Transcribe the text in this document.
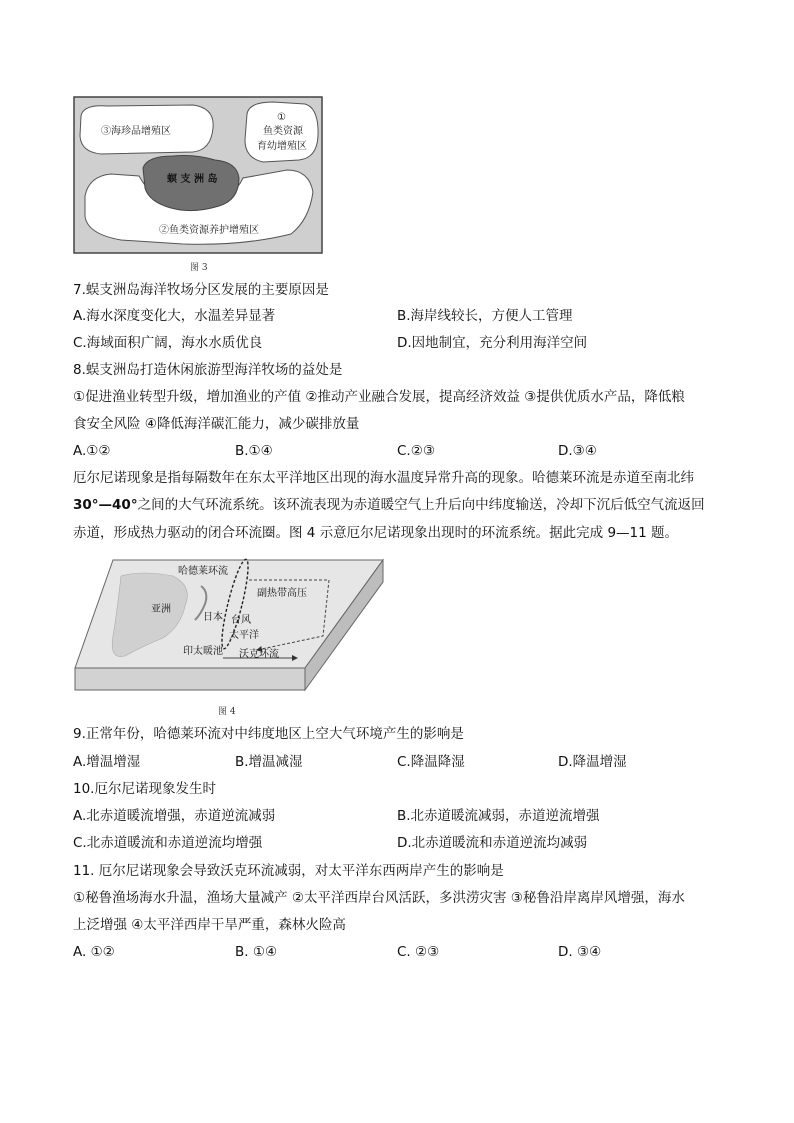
③海珍品增殖区
①
鱼类资源
育幼增殖区
螟 支 洲 岛
②鱼类资源养护增殖区
图 3
7.蜈支洲岛海洋牧场分区发展的主要原因是
A.海水深度变化大，水温差异显著	B.海岸线较长，方便人工管理
C.海域面积广阔，海水水质优良	D.因地制宜，充分利用海洋空间
8.蜈支洲岛打造休闲旅游型海洋牧场的益处是
①促进渔业转型升级，增加渔业的产值 ②推动产业融合发展，提高经济效益 ③提供优质水产品，降低粮
食安全风险 ④降低海洋碳汇能力，减少碳排放量
A.①②	B.①④	C.②③	D.③④
厄尔尼诺现象是指每隔数年在东太平洋地区出现的海水温度异常升高的现象。哈德莱环流是赤道至南北纬
30°—40°之间的大气环流系统。该环流表现为赤道暖空气上升后向中纬度输送，冷却下沉后低空气流返回
赤道，形成热力驱动的闭合环流圈。图 4 示意厄尔尼诺现象出现时的环流系统。据此完成 9—11 题。
哈德莱环流
副热带高压
亚洲
日本 台风
太平洋
印太暖池 沃克环流
图 4
9.正常年份，哈德莱环流对中纬度地区上空大气环境产生的影响是
A.增温增湿	B.增温减湿	C.降温降湿	D.降温增湿
10.厄尔尼诺现象发生时
A.北赤道暖流增强，赤道逆流减弱	B.北赤道暖流减弱，赤道逆流增强
C.北赤道暖流和赤道逆流均增强	D.北赤道暖流和赤道逆流均减弱
11. 厄尔尼诺现象会导致沃克环流减弱，对太平洋东西两岸产生的影响是
①秘鲁渔场海水升温，渔场大量减产 ②太平洋西岸台风活跃，多洪涝灾害 ③秘鲁沿岸离岸风增强，海水
上泛增强 ④太平洋西岸干旱严重，森林火险高
A. ①②	B. ①④	C. ②③	D. ③④
